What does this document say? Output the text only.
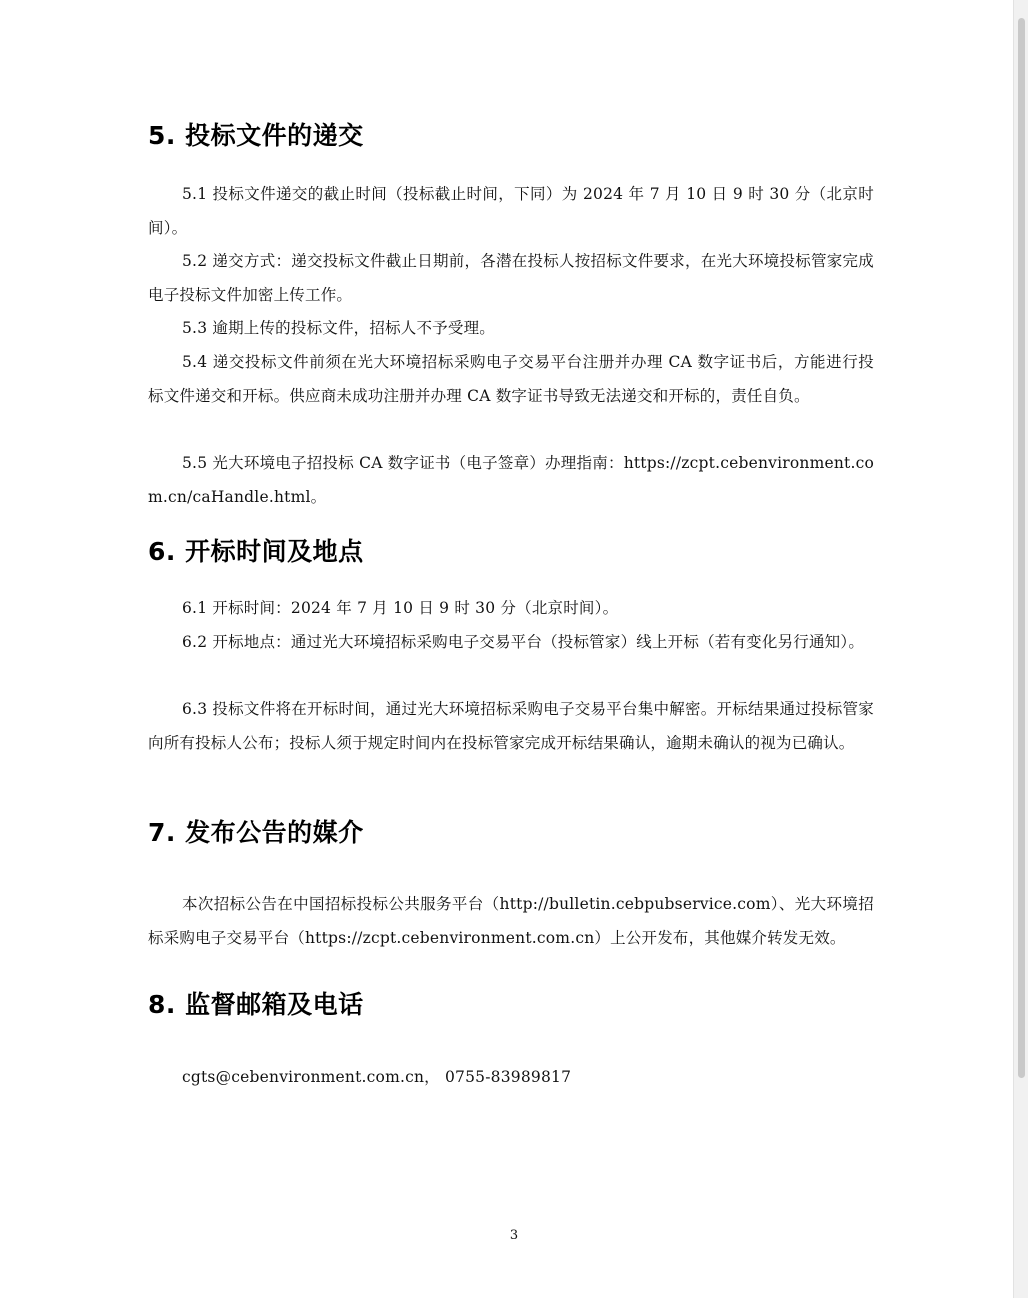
5. 投标文件的递交
5.1 投标文件递交的截止时间（投标截止时间，下同）为 2024 年 7 月 10 日 9 时 30 分（北京时间）。
5.2 递交方式：递交投标文件截止日期前，各潜在投标人按招标文件要求，在光大环境投标管家完成电子投标文件加密上传工作。
5.3 逾期上传的投标文件，招标人不予受理。
5.4 递交投标文件前须在光大环境招标采购电子交易平台注册并办理 CA 数字证书后，方能进行投标文件递交和开标。供应商未成功注册并办理 CA 数字证书导致无法递交和开标的，责任自负。
5.5 光大环境电子招投标 CA 数字证书（电子签章）办理指南：https://zcpt.cebenvironment.com.cn/caHandle.html。
6. 开标时间及地点
6.1 开标时间：2024 年 7 月 10 日 9 时 30 分（北京时间）。
6.2 开标地点：通过光大环境招标采购电子交易平台（投标管家）线上开标（若有变化另行通知）。
6.3 投标文件将在开标时间，通过光大环境招标采购电子交易平台集中解密。开标结果通过投标管家向所有投标人公布；投标人须于规定时间内在投标管家完成开标结果确认，逾期未确认的视为已确认。
7. 发布公告的媒介
本次招标公告在中国招标投标公共服务平台（http://bulletin.cebpubservice.com）、光大环境招标采购电子交易平台（https://zcpt.cebenvironment.com.cn）上公开发布，其他媒介转发无效。
8. 监督邮箱及电话
cgts@cebenvironment.com.cn， 0755-83989817
3
